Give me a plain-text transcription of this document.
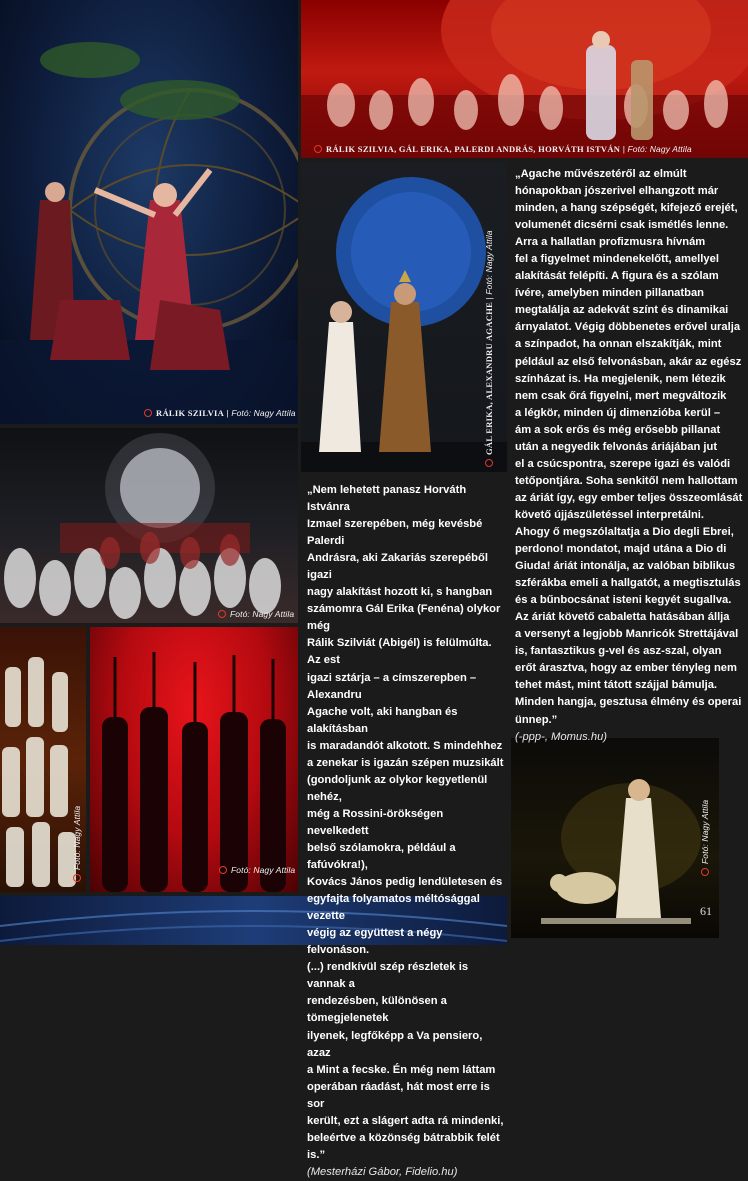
RÁLIK SZILVIA, GÁL ERIKA, PALERDI ANDRÁS, HORVÁTH ISTVÁN | Fotó: Nagy Attila
RÁLIK SZILVIA | Fotó: Nagy Attila	GÁL ERIKA, ALEXANDRU AGACHE | Fotó: Nagy Attila
Fotó: Nagy Attila
Fotó: Nagy Attila	Fotó: Nagy Attila
Fotó: Nagy Attila
„Agache művészetéről az elmúlt
hónapokban jószerivel elhangzott már
minden, a hang szépségét, kifejező erejét,
volumenét dicsérni csak ismétlés lenne.
Arra a hallatlan profizmusra hívnám
fel a figyelmet mindenekelőtt, amellyel
alakítását felépíti. A figura és a szólam
ívére, amelyben minden pillanatban
megtalálja az adekvát színt és dinamikai
árnyalatot. Végig döbbenetes erővel uralja
a színpadot, ha onnan elszakítják, mint
például az első felvonásban, akár az egész
színházat is. Ha megjelenik, nem létezik
nem csak őrá figyelni, mert megváltozik
a légkör, minden új dimenzióba kerül –
ám a sok erős és még erősebb pillanat
után a negyedik felvonás áriájában jut
el a csúcspontra, szerepe igazi és valódi
tetőpontjára. Soha senkitől nem hallottam
az áriát így, egy ember teljes összeomlását
követő újjászületéssel interpretálni.
Ahogy ő megszólaltatja a Dio degli Ebrei,
perdono! mondatot, majd utána a Dio di
Giuda! áriát intonálja, az valóban biblikus
szférákba emeli a hallgatót, a megtisztulás
és a bűnbocsánat isteni kegyét sugallva.
Az áriát követő cabaletta hatásában állja
a versenyt a legjobb Manricók Strettájával
is, fantasztikus g-vel és asz-szal, olyan
erőt árasztva, hogy az ember tényleg nem
tehet mást, mint tátott szájjal bámulja.
Minden hangja, gesztusa élmény és operai
ünnep.”
(-ppp-, Momus.hu)
„Nem lehetett panasz Horváth Istvánra
Izmael szerepében, még kevésbé Palerdi
Andrásra, aki Zakariás szerepéből igazi
nagy alakítást hozott ki, s hangban
számomra Gál Erika (Fenéna) olykor még
Rálik Szilviát (Abigél) is felülmúlta. Az est
igazi sztárja – a címszerepben –Alexandru
Agache volt, aki hangban és alakításban
is maradandót alkotott. S mindehhez
a zenekar is igazán szépen muzsikált
(gondoljunk az olykor kegyetlenül nehéz,
még a Rossini-örökségen nevelkedett
belső szólamokra, például a fafúvókra!),
Kovács János pedig lendületesen és
egyfajta folyamatos méltósággal vezette
végig az együttest a négy felvonáson.
(...) rendkívül szép részletek is vannak a
rendezésben, különösen a tömegjelenetek
ilyenek, legfőképp a Va pensiero, azaz
a Mint a fecske. Én még nem láttam
operában ráadást, hát most erre is sor
került, ezt a slágert adta rá mindenki,
beleértve a közönség bátrabbik felét is.”
(Mesterházi Gábor, Fidelio.hu)
61
